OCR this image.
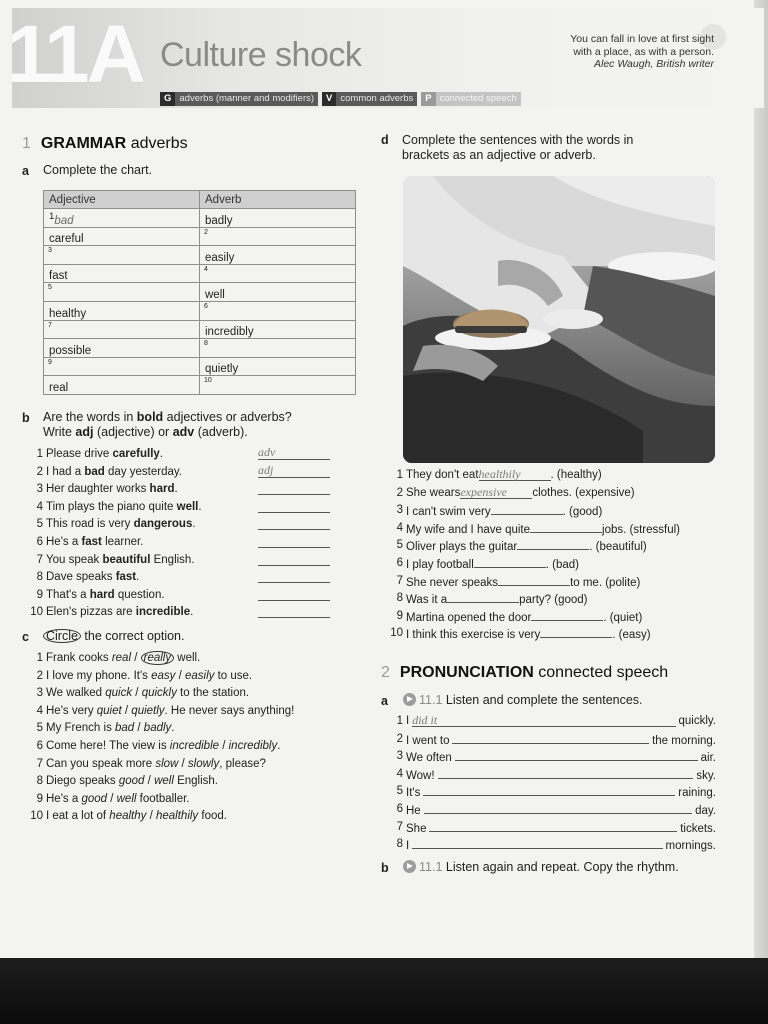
11A Culture shock	You can fall in love at first sight
with a place, as with a person.
Alec Waugh, British writer
G adverbs (manner and modifiers)	V common adverbs	P connected speech
1 GRAMMAR adverbs
a Complete the chart.
Adjective	Adverb
$^1$bad	badly
careful	2

3	easily
fast	4

5	well
healthy	6

7	incredibly
possible	8

9	quietly
real	10
b Are the words in bold adjectives or adverbs?
Write adj (adjective) or adv (adverb).
1 Please drive carefully.	adv
2 I had a bad day yesterday.	adj
3 Her daughter works hard.
4 Tim plays the piano quite well.
5 This road is very dangerous.
6 He's a fast learner.
7 You speak beautiful English.
8 Dave speaks fast.
9 That's a hard question.
10 Elen's pizzas are incredible.
c Circle the correct option.
1 Frank cooks real / really well.
2 I love my phone. It's easy / easily to use.
3 We walked quick / quickly to the station.
4 He's very quiet / quietly. He never says anything!
5 My French is bad / badly.
6 Come here! The view is incredible / incredibly.
7 Can you speak more slow / slowly, please?
8 Diego speaks good / well English.
9 He's a good / well footballer.
10 I eat a lot of healthy / healthily food.
d Complete the sentences with the words in
brackets as an adjective or adverb.
1 They don't eat healthily	. (healthy)
2 She wears expensive	clothes. (expensive)
3 I can't swim very	. (good)
4 My wife and I have quite	jobs. (stressful)
5 Oliver plays the guitar	. (beautiful)
6 I play football	. (bad)
7 She never speaks	to me. (polite)
8 Was it a	party? (good)
9 Martina opened the door	. (quiet)
10 I think this exercise is very	. (easy)
2 PRONUNCIATION connected speech
a	11.1 Listen and complete the sentences.
1 I did it	quickly.
2 I went to	the morning.
3 We often	air.
4 Wow!	sky.
5 It's	raining.
6 He	day.
7 She	tickets.
8 I	mornings.
b	11.1 Listen again and repeat. Copy the rhythm.
